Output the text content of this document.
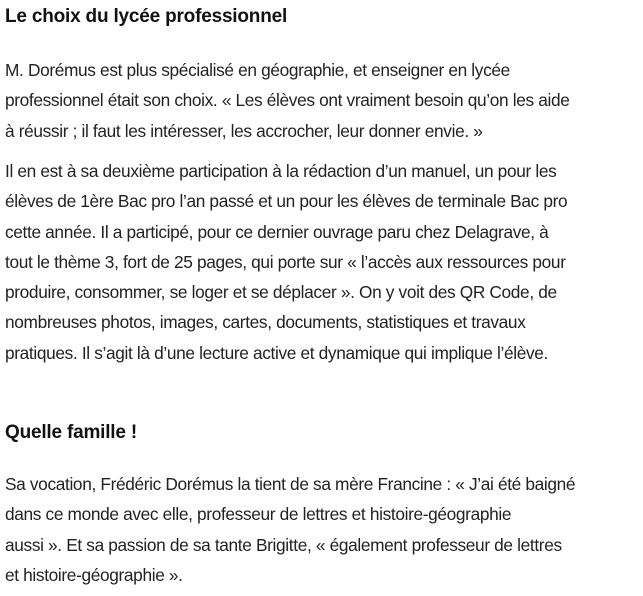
Le choix du lycée professionnel

M. Dorémus est plus spécialisé en géographie, et enseigner en lycée
professionnel était son choix. « Les élèves ont vraiment besoin qu’on les aide
à réussir ; il faut les intéresser, les accrocher, leur donner envie. »

Il en est à sa deuxième participation à la rédaction d’un manuel, un pour les
élèves de 1ère Bac pro l’an passé et un pour les élèves de terminale Bac pro
cette année. Il a participé, pour ce dernier ouvrage paru chez Delagrave, à
tout le thème 3, fort de 25 pages, qui porte sur « l’accès aux ressources pour
produire, consommer, se loger et se déplacer ». On y voit des QR Code, de
nombreuses photos, images, cartes, documents, statistiques et travaux
pratiques. Il s’agit là d’une lecture active et dynamique qui implique l’élève.

Quelle famille !

Sa vocation, Frédéric Dorémus la tient de sa mère Francine : « J’ai été baigné
dans ce monde avec elle, professeur de lettres et histoire-géographie
aussi ». Et sa passion de sa tante Brigitte, « également professeur de lettres
et histoire-géographie ».
